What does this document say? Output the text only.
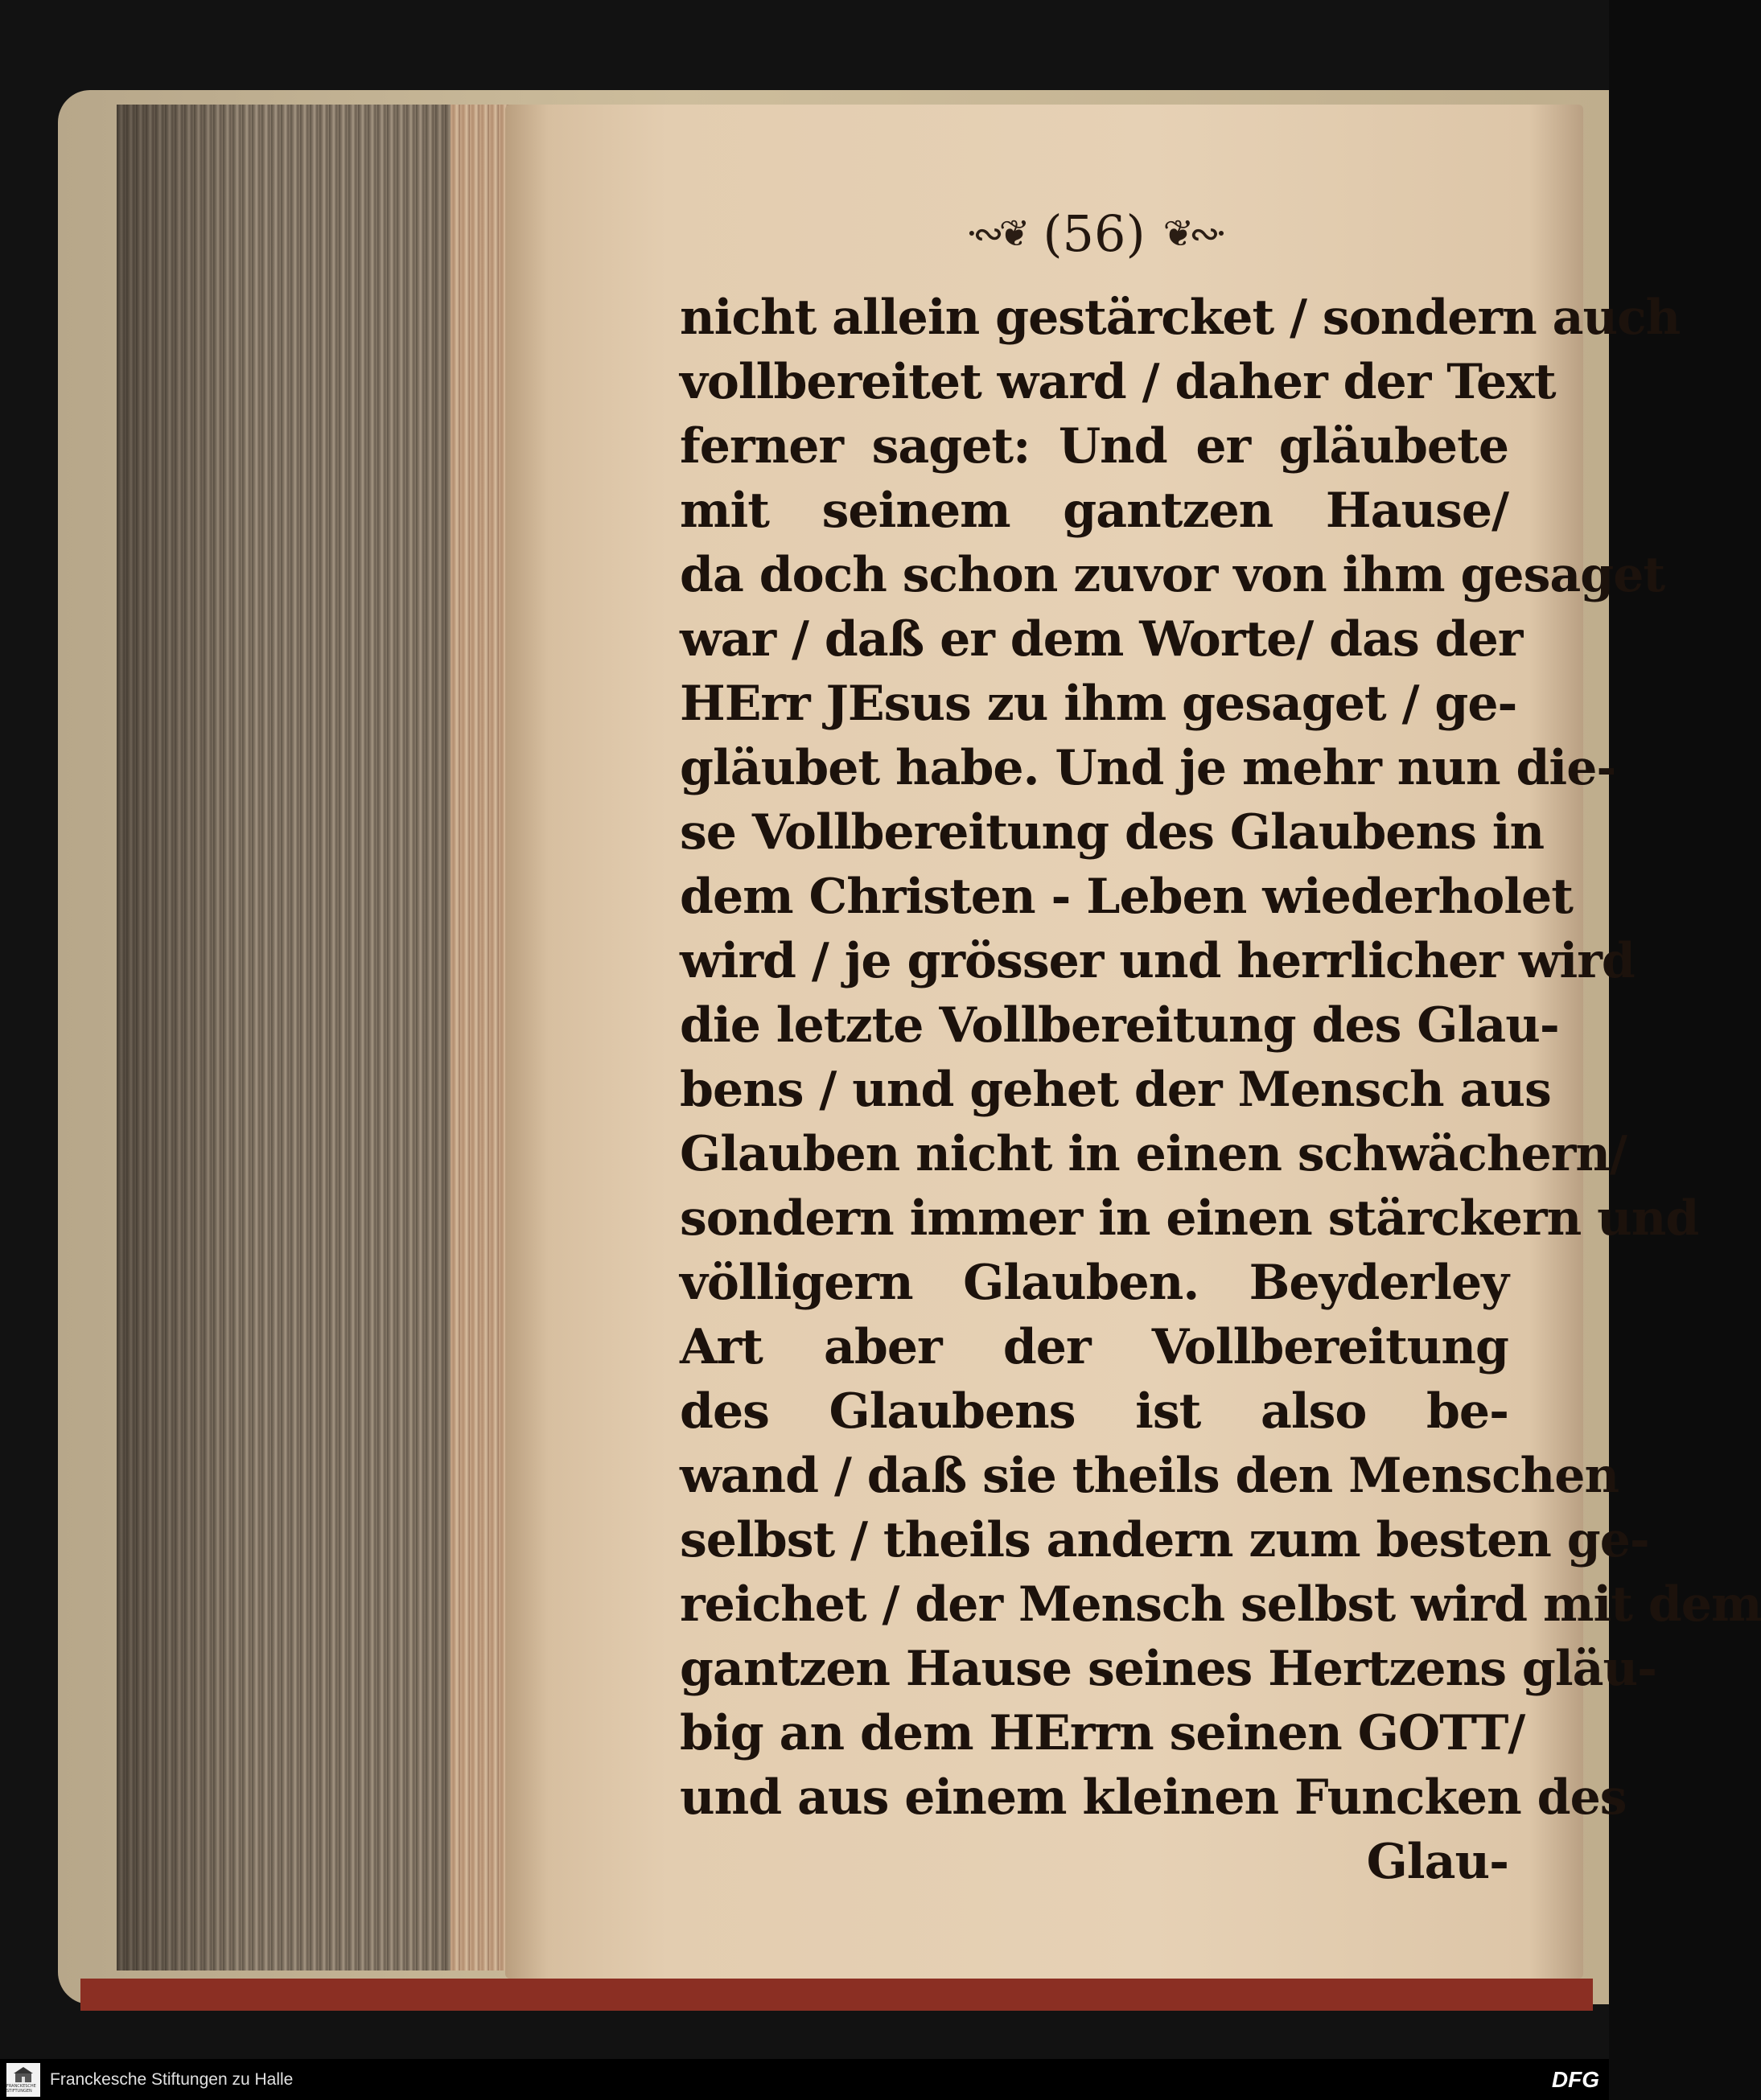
·∾❦ (56) ❦∾·
nicht allein gestärcket / sondern auch
vollbereitet ward / daher der Text
ferner saget: Und er gläubete
mit seinem gantzen Hause/
da doch schon zuvor von ihm gesaget
war / daß er dem Worte/ das der
HErr JEsus zu ihm gesaget / ge-
gläubet habe. Und je mehr nun die-
se Vollbereitung des Glaubens in
dem Christen - Leben wiederholet
wird / je grösser und herrlicher wird
die letzte Vollbereitung des Glau-
bens / und gehet der Mensch aus
Glauben nicht in einen schwächern/
sondern immer in einen stärckern und
völligern Glauben. Beyderley
Art aber der Vollbereitung
des Glaubens ist also be-
wand / daß sie theils den Menschen
selbst / theils andern zum besten ge-
reichet / der Mensch selbst wird mit dem
gantzen Hause seines Hertzens gläu-
big an dem HErrn seinen GOTT/
und aus einem kleinen Funcken des
Glau-
FRANCKESCHE STIFTUNGEN
Franckesche Stiftungen zu Halle	DFG
